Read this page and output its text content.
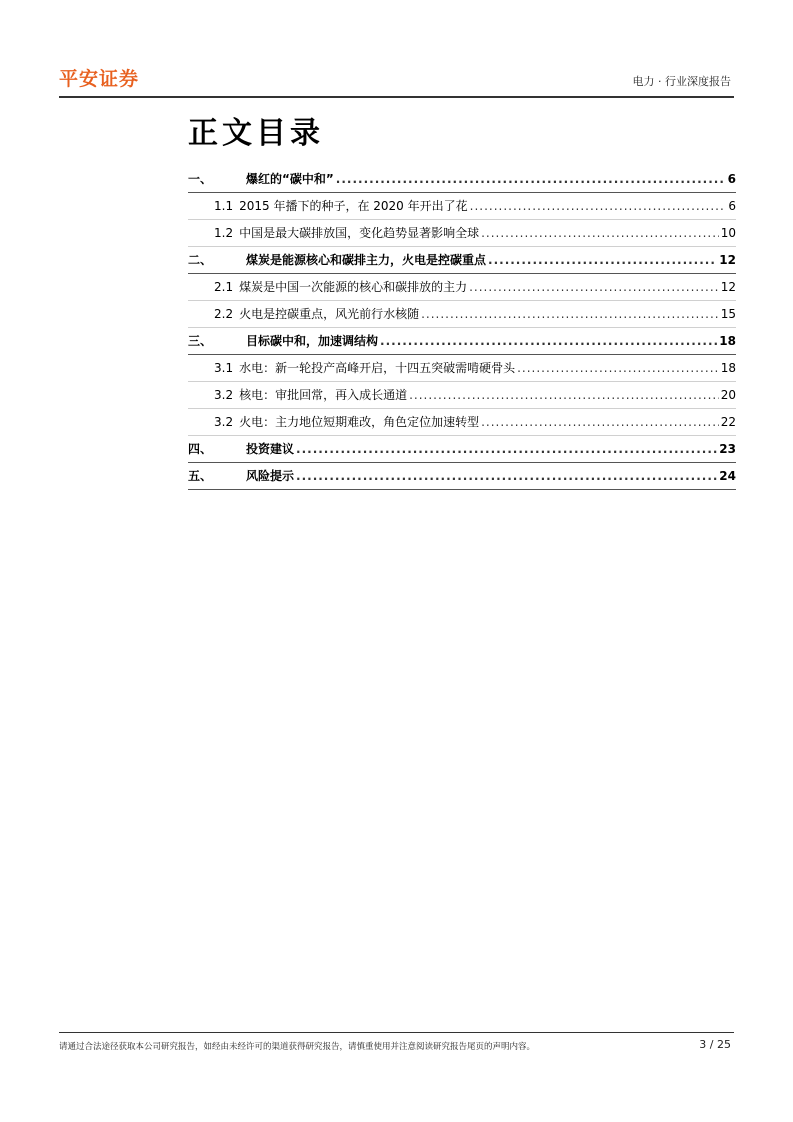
平安证券	电力 · 行业深度报告
正文目录
一、	爆红的“碳中和” .....	6
1.1 2015 年播下的种子，在 2020 年开出了花 .....	6
1.2 中国是最大碳排放国，变化趋势显著影响全球 .....	10
二、	煤炭是能源核心和碳排主力，火电是控碳重点 .....	12
2.1 煤炭是中国一次能源的核心和碳排放的主力 .....	12
2.2 火电是控碳重点，风光前行水核随 .....	15
三、	目标碳中和，加速调结构 .....	18
3.1 水电：新一轮投产高峰开启，十四五突破需啃硬骨头 .....	18
3.2 核电：审批回常，再入成长通道 .....	20
3.2 火电：主力地位短期难改，角色定位加速转型 .....	22
四、	投资建议 .....	23
五、	风险提示 .....	24
请通过合法途径获取本公司研究报告，如经由未经许可的渠道获得研究报告，请慎重使用并注意阅读研究报告尾页的声明内容。	3 / 25
